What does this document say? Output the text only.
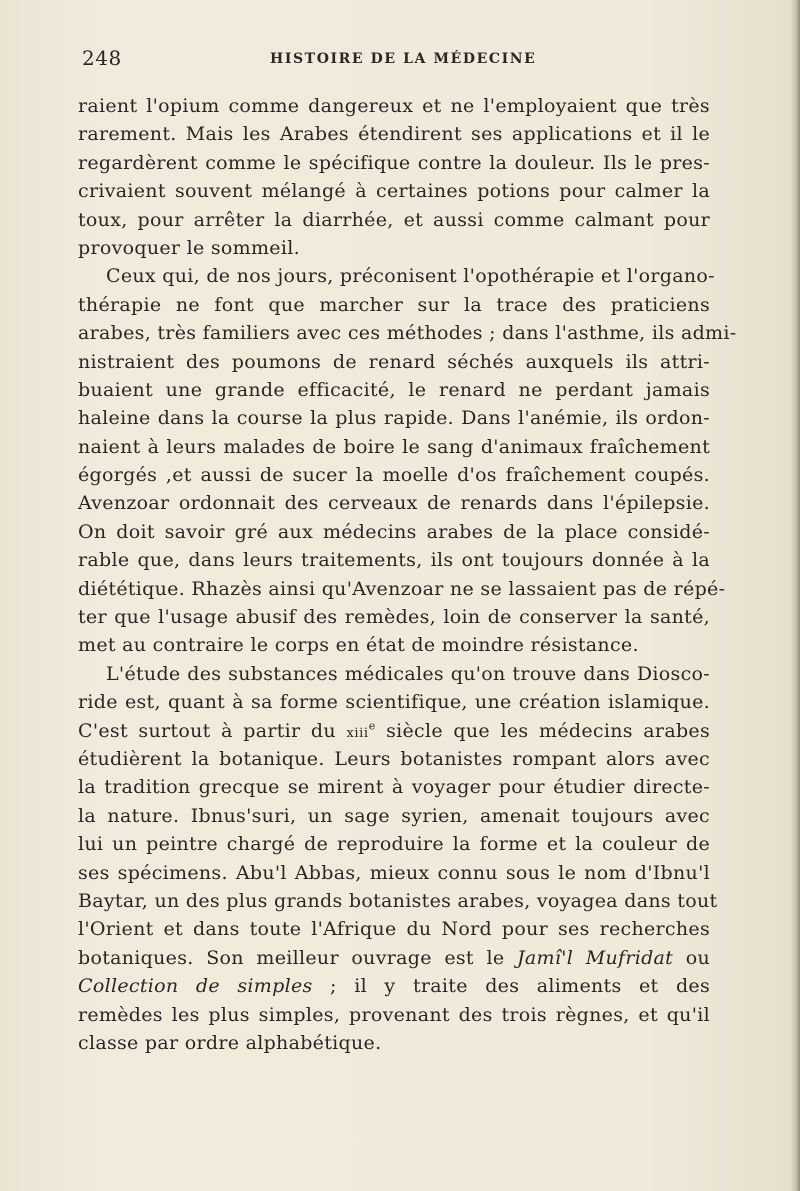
248	HISTOIRE DE LA MÉDECINE
raient l'opium comme dangereux et ne l'employaient que très
rarement. Mais les Arabes étendirent ses applications et il le
regardèrent comme le spécifique contre la douleur. Ils le pres-
crivaient souvent mélangé à certaines potions pour calmer la
toux, pour arrêter la diarrhée, et aussi comme calmant pour
provoquer le sommeil.
Ceux qui, de nos jours, préconisent l'opothérapie et l'organo-
thérapie ne font que marcher sur la trace des praticiens
arabes, très familiers avec ces méthodes ; dans l'asthme, ils admi-
nistraient des poumons de renard séchés auxquels ils attri-
buaient une grande efficacité, le renard ne perdant jamais
haleine dans la course la plus rapide. Dans l'anémie, ils ordon-
naient à leurs malades de boire le sang d'animaux fraîchement
égorgés ,et aussi de sucer la moelle d'os fraîchement coupés.
Avenzoar ordonnait des cerveaux de renards dans l'épilepsie.
On doit savoir gré aux médecins arabes de la place considé-
rable que, dans leurs traitements, ils ont toujours donnée à la
diététique. Rhazès ainsi qu'Avenzoar ne se lassaient pas de répé-
ter que l'usage abusif des remèdes, loin de conserver la santé,
met au contraire le corps en état de moindre résistance.
L'étude des substances médicales qu'on trouve dans Diosco-
ride est, quant à sa forme scientifique, une création islamique.
C'est surtout à partir du xiii$^e$ siècle que les médecins arabes
étudièrent la botanique. Leurs botanistes rompant alors avec
la tradition grecque se mirent à voyager pour étudier directe-
la nature. Ibnus'suri, un sage syrien, amenait toujours avec
lui un peintre chargé de reproduire la forme et la couleur de
ses spécimens. Abu'l Abbas, mieux connu sous le nom d'Ibnu'l
Baytar, un des plus grands botanistes arabes, voyagea dans tout
l'Orient et dans toute l'Afrique du Nord pour ses recherches
botaniques. Son meilleur ouvrage est le Jamî'l Mufridat ou
Collection de simples ; il y traite des aliments et des
remèdes les plus simples, provenant des trois règnes, et qu'il
classe par ordre alphabétique.
